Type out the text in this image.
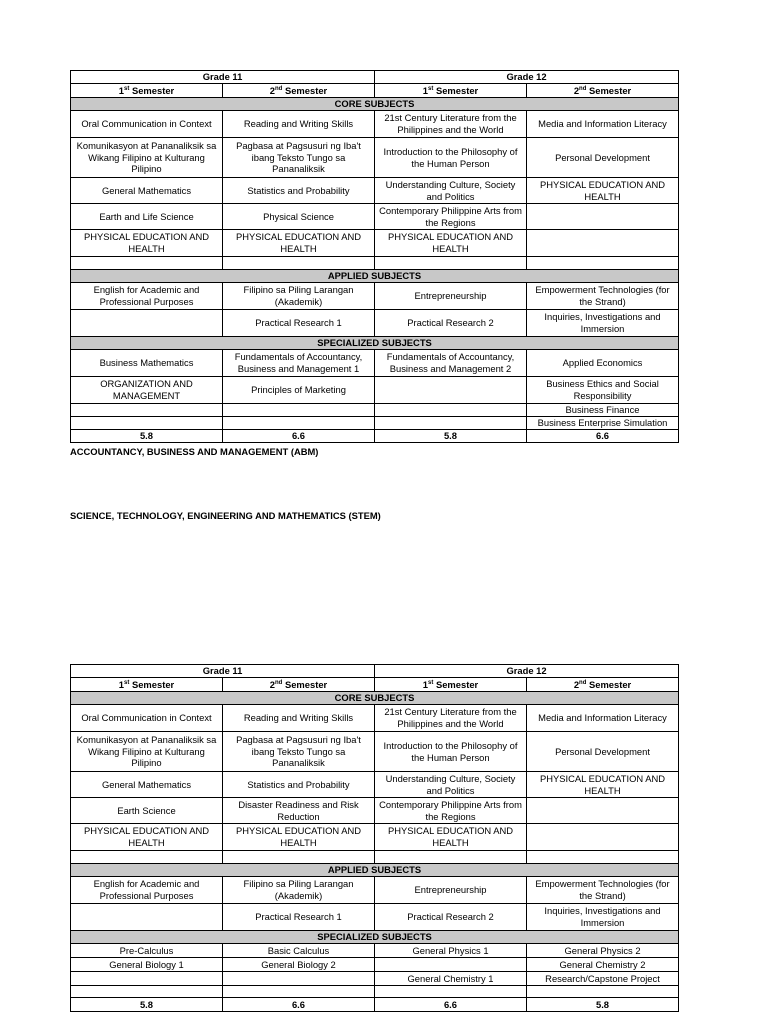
Grade 11		Grade 12	
1st Semester	2nd Semester	1st Semester	2nd Semester
CORE SUBJECTS			
Oral Communication in Context	Reading and Writing Skills	21st Century Literature from the Philippines and the World	Media and Information Literacy
Komunikasyon at Pananaliksik sa Wikang Filipino at Kulturang Pilipino	Pagbasa at Pagsusuri ng Iba't ibang Teksto Tungo sa Pananaliksik	Introduction to the Philosophy of the Human Person	Personal Development
General Mathematics	Statistics and Probability	Understanding Culture, Society and Politics	PHYSICAL EDUCATION AND HEALTH
Earth and Life Science	Physical Science	Contemporary Philippine Arts from the Regions	
PHYSICAL EDUCATION AND HEALTH	PHYSICAL EDUCATION AND HEALTH	PHYSICAL EDUCATION AND HEALTH	

APPLIED SUBJECTS			
English for Academic and Professional Purposes	Filipino sa Piling Larangan (Akademik)	Entrepreneurship	Empowerment Technologies (for the Strand)
	Practical Research 1	Practical Research 2	Inquiries, Investigations and Immersion
SPECIALIZED SUBJECTS			
Business Mathematics	Fundamentals of Accountancy, Business and Management 1	Fundamentals of Accountancy, Business and Management 2	Applied Economics
ORGANIZATION AND MANAGEMENT	Principles of Marketing		Business Ethics and Social Responsibility
			Business Finance
			Business Enterprise Simulation
5.8	6.6	5.8	6.6
ACCOUNTANCY, BUSINESS AND MANAGEMENT (ABM)
SCIENCE, TECHNOLOGY, ENGINEERING AND MATHEMATICS (STEM)
Grade 11		Grade 12	
1st Semester	2nd Semester	1st Semester	2nd Semester
CORE SUBJECTS			
Oral Communication in Context	Reading and Writing Skills	21st Century Literature from the Philippines and the World	Media and Information Literacy
Komunikasyon at Pananaliksik sa Wikang Filipino at Kulturang Pilipino	Pagbasa at Pagsusuri ng Iba't ibang Teksto Tungo sa Pananaliksik	Introduction to the Philosophy of the Human Person	Personal Development
General Mathematics	Statistics and Probability	Understanding Culture, Society and Politics	PHYSICAL EDUCATION AND HEALTH
Earth Science	Disaster Readiness and Risk Reduction	Contemporary Philippine Arts from the Regions	
PHYSICAL EDUCATION AND HEALTH	PHYSICAL EDUCATION AND HEALTH	PHYSICAL EDUCATION AND HEALTH	

APPLIED SUBJECTS			
English for Academic and Professional Purposes	Filipino sa Piling Larangan (Akademik)	Entrepreneurship	Empowerment Technologies (for the Strand)
	Practical Research 1	Practical Research 2	Inquiries, Investigations and Immersion
SPECIALIZED SUBJECTS			
Pre-Calculus	Basic Calculus	General Physics 1	General Physics 2
General Biology 1	General Biology 2		General Chemistry 2
		General Chemistry 1	Research/Capstone Project

5.8	6.6	6.6	5.8
